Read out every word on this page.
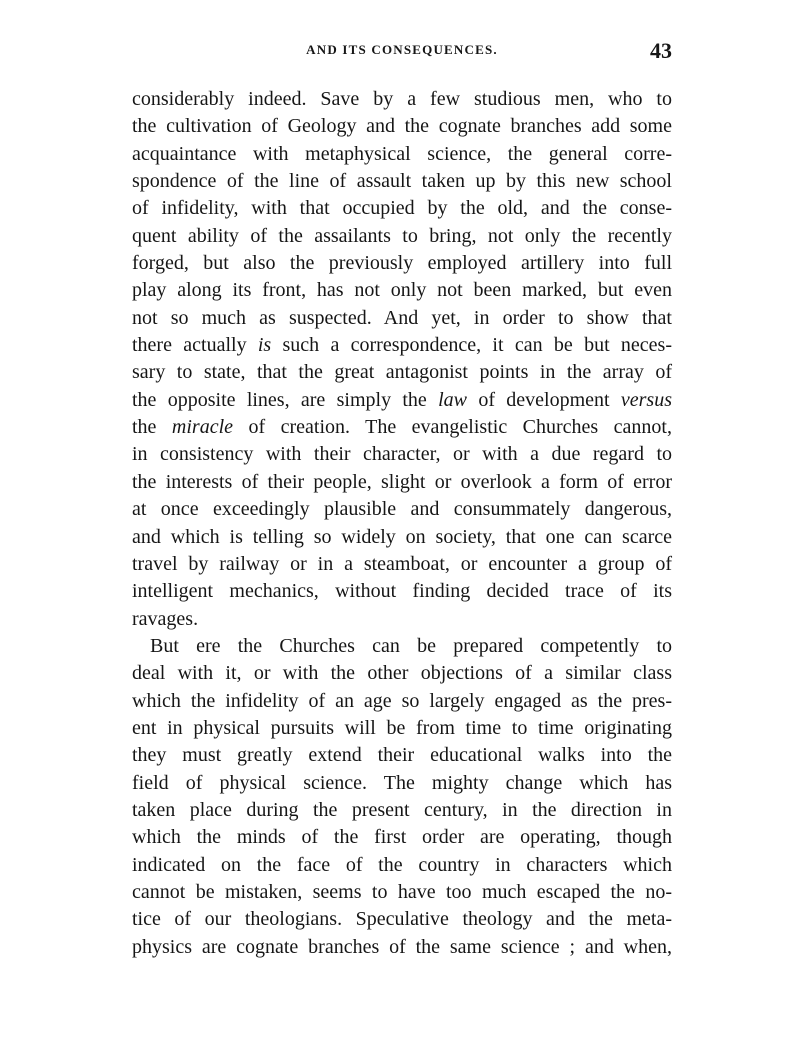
AND ITS CONSEQUENCES.	43
considerably indeed. Save by a few studious men, who to
the cultivation of Geology and the cognate branches add some
acquaintance with metaphysical science, the general corre-
spondence of the line of assault taken up by this new school
of infidelity, with that occupied by the old, and the conse-
quent ability of the assailants to bring, not only the recently
forged, but also the previously employed artillery into full
play along its front, has not only not been marked, but even
not so much as suspected. And yet, in order to show that
there actually is such a correspondence, it can be but neces-
sary to state, that the great antagonist points in the array of
the opposite lines, are simply the law of development versus
the miracle of creation. The evangelistic Churches cannot,
in consistency with their character, or with a due regard to
the interests of their people, slight or overlook a form of error
at once exceedingly plausible and consummately dangerous,
and which is telling so widely on society, that one can scarce
travel by railway or in a steamboat, or encounter a group of
intelligent mechanics, without finding decided trace of its
ravages.
But ere the Churches can be prepared competently to
deal with it, or with the other objections of a similar class
which the infidelity of an age so largely engaged as the pres-
ent in physical pursuits will be from time to time originating
they must greatly extend their educational walks into the
field of physical science. The mighty change which has
taken place during the present century, in the direction in
which the minds of the first order are operating, though
indicated on the face of the country in characters which
cannot be mistaken, seems to have too much escaped the no-
tice of our theologians. Speculative theology and the meta-
physics are cognate branches of the same science ; and when,
